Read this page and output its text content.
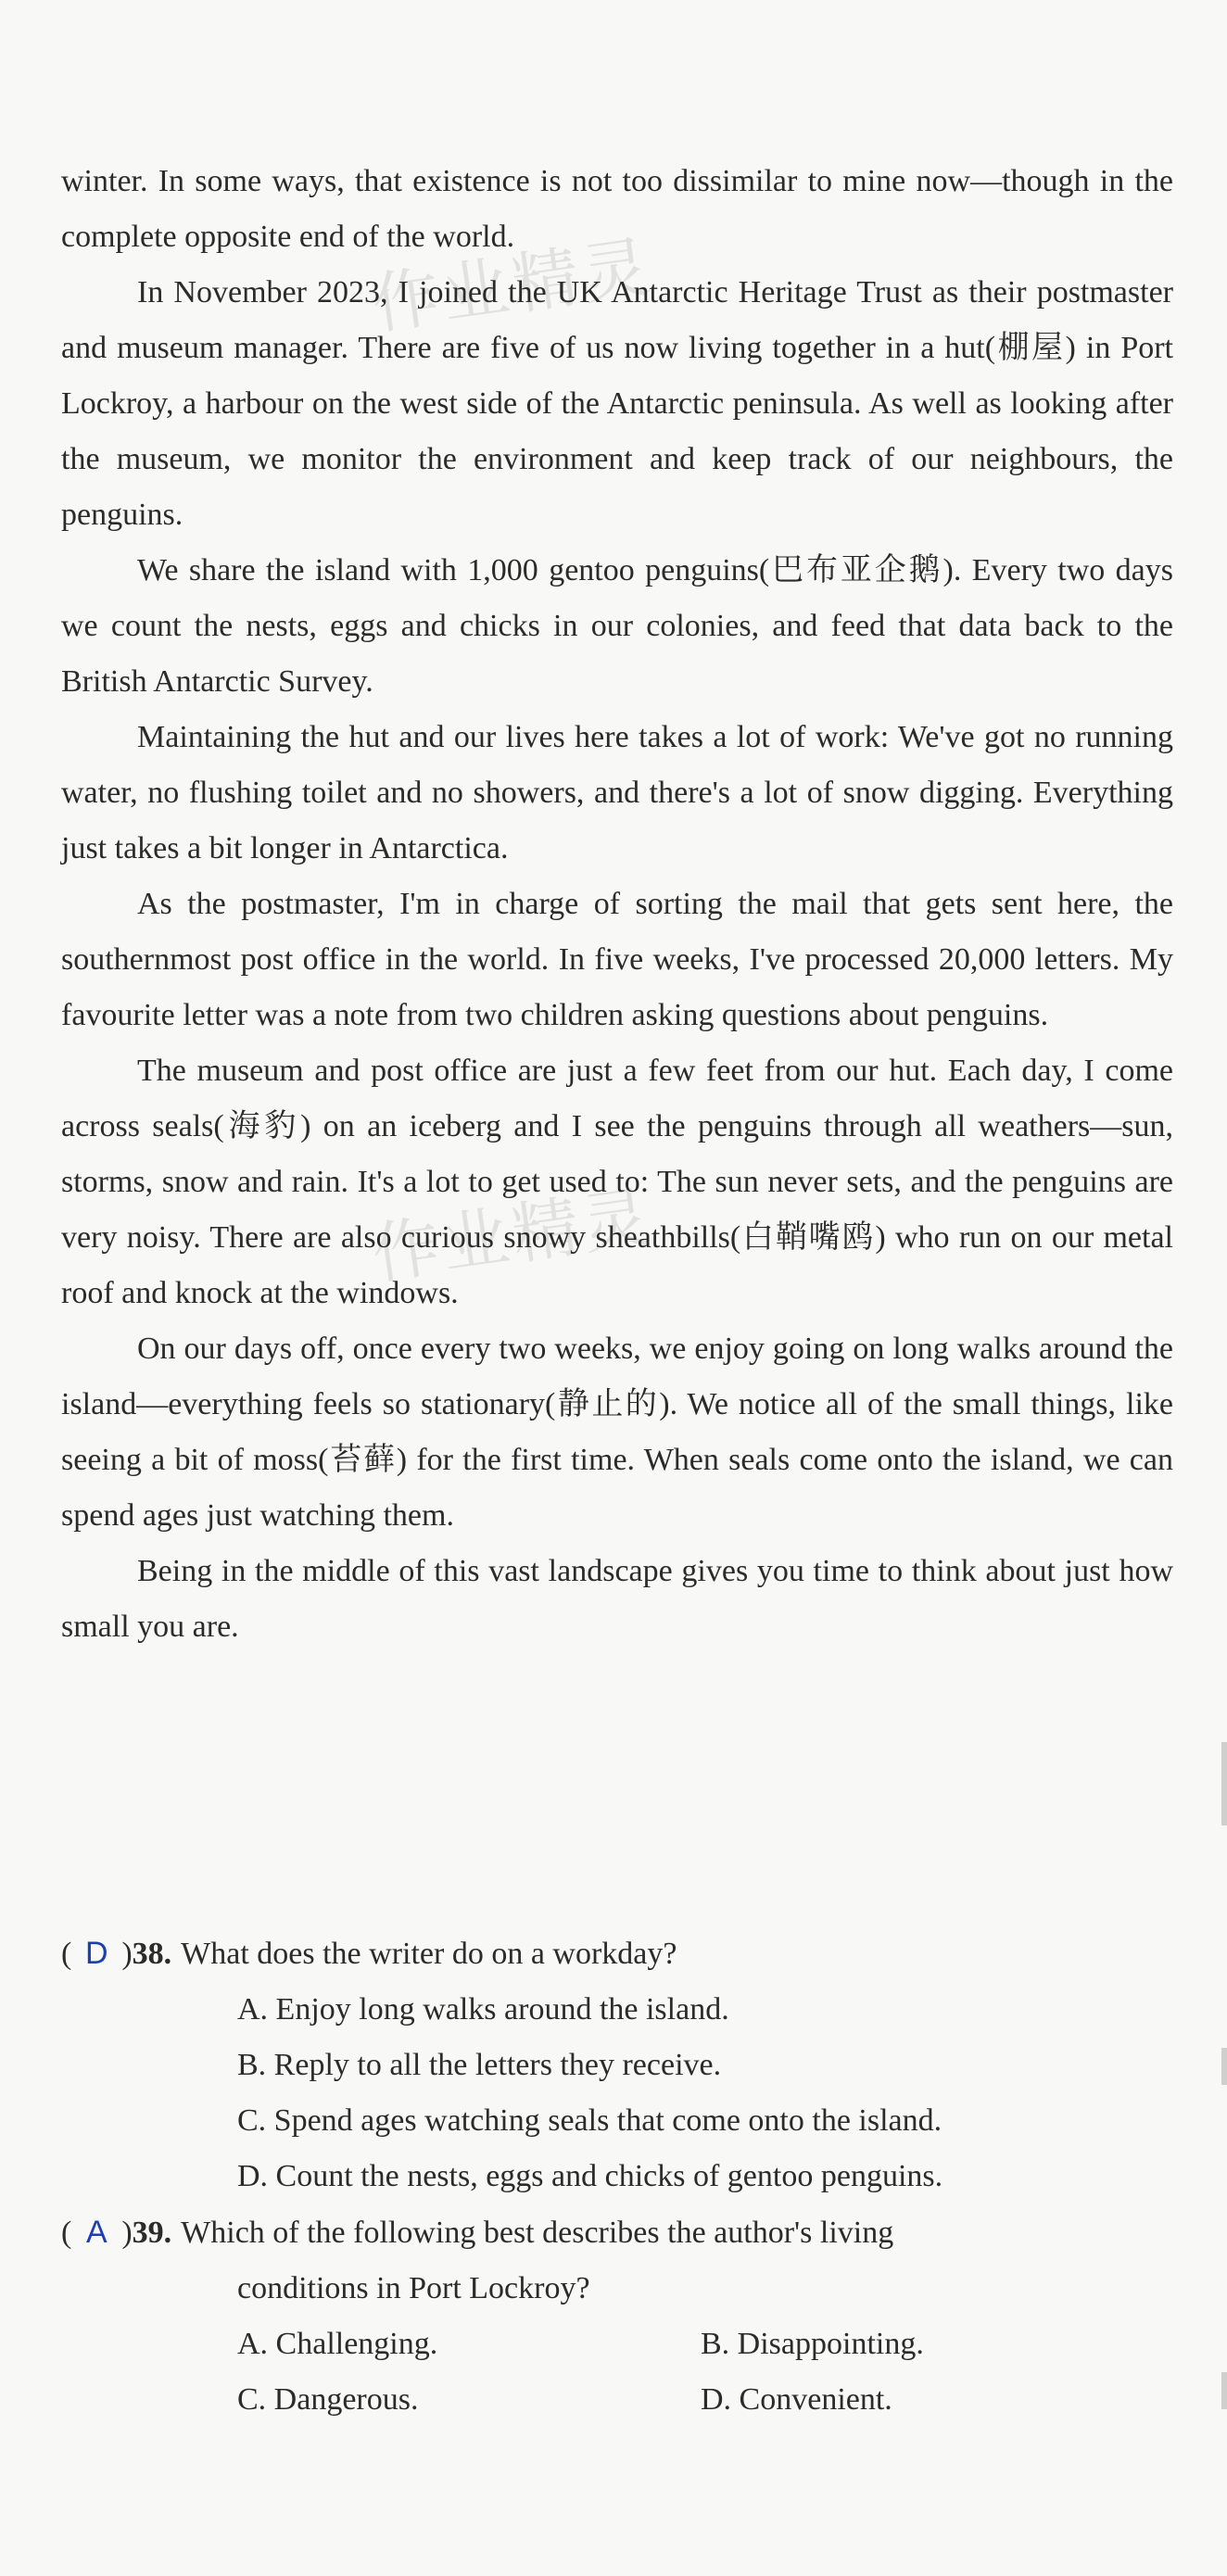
作业精灵
作业精灵

winter. In some ways, that existence is not too dissimilar to mine now—though in the complete opposite end of the world.

In November 2023, I joined the UK Antarctic Heritage Trust as their postmaster and museum manager. There are five of us now living together in a hut(棚屋) in Port Lockroy, a harbour on the west side of the Antarctic peninsula. As well as looking after the museum, we monitor the environment and keep track of our neighbours, the penguins.

We share the island with 1,000 gentoo penguins(巴布亚企鹅). Every two days we count the nests, eggs and chicks in our colonies, and feed that data back to the British Antarctic Survey.

Maintaining the hut and our lives here takes a lot of work: We've got no running water, no flushing toilet and no showers, and there's a lot of snow digging. Everything just takes a bit longer in Antarctica.

As the postmaster, I'm in charge of sorting the mail that gets sent here, the southernmost post office in the world. In five weeks, I've processed 20,000 letters. My favourite letter was a note from two children asking questions about penguins.

The museum and post office are just a few feet from our hut. Each day, I come across seals(海豹) on an iceberg and I see the penguins through all weathers—sun, storms, snow and rain. It's a lot to get used to: The sun never sets, and the penguins are very noisy. There are also curious snowy sheathbills(白鞘嘴鸥) who run on our metal roof and knock at the windows.

On our days off, once every two weeks, we enjoy going on long walks around the island—everything feels so stationary(静止的). We notice all of the small things, like seeing a bit of moss(苔藓) for the first time. When seals come onto the island, we can spend ages just watching them.

Being in the middle of this vast landscape gives you time to think about just how small you are.

( D ) 38. What does the writer do on a workday?
A. Enjoy long walks around the island.
B. Reply to all the letters they receive.
C. Spend ages watching seals that come onto the island.
D. Count the nests, eggs and chicks of gentoo penguins.
( A ) 39. Which of the following best describes the author's living
conditions in Port Lockroy?
A. Challenging.	B. Disappointing.
C. Dangerous.	D. Convenient.
